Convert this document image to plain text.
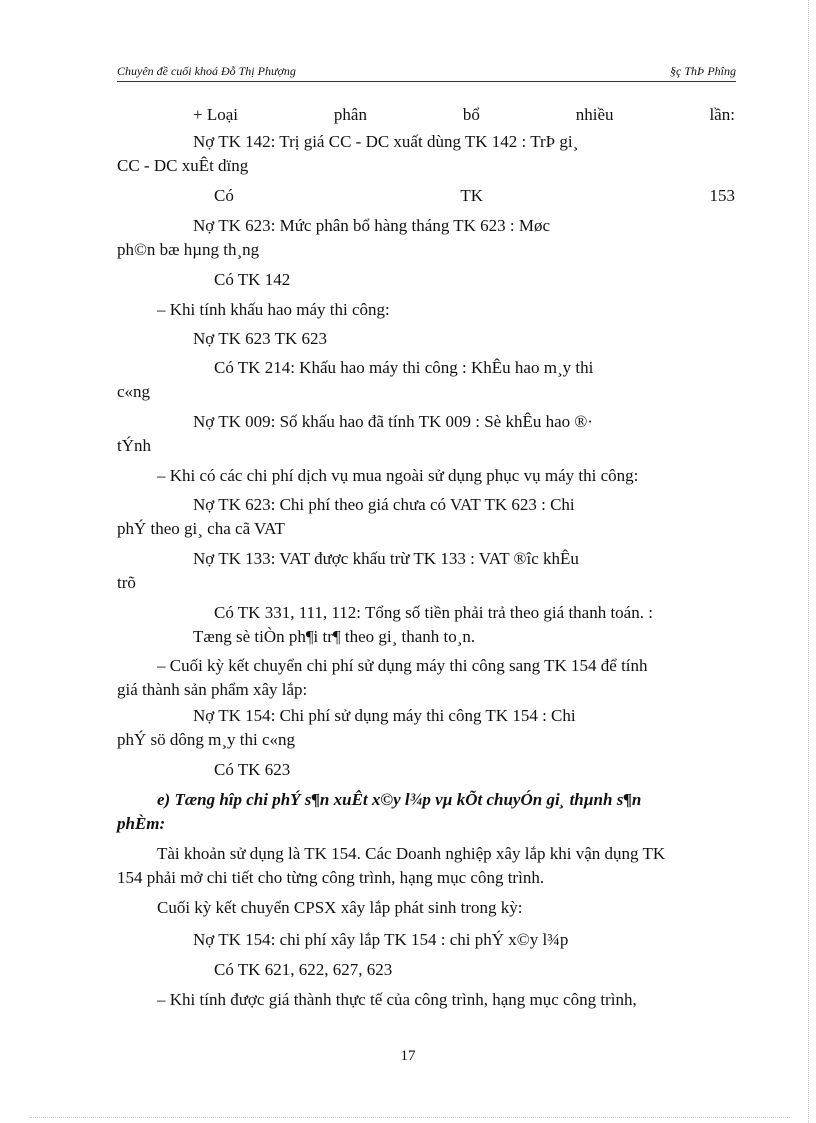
Chuyên đề cuối khoá Đỗ Thị Phượng	§ç ThÞ Phîng
+ Loại	phân	bổ	nhiều	lần:
Nợ TK 142: Trị giá CC - DC xuất dùng TK 142 : TrÞ gi¸
CC - DC xuÊt dïng
Có	TK	153
Nợ TK 623: Mức phân bổ hàng tháng TK 623 : Møc
ph©n bæ hµng th¸ng
Có TK 142
– Khi tính khấu hao máy thi công:
Nợ TK 623 TK 623
Có TK 214: Khấu hao máy thi công : KhÊu hao m¸y thi
c«ng
Nợ TK 009: Số khấu hao đã tính TK 009 : Sè khÊu hao ®·
tÝnh
– Khi có các chi phí dịch vụ mua ngoài sử dụng phục vụ máy thi công:
Nợ TK 623: Chi phí theo giá chưa có VAT TK 623 : Chi
phÝ theo gi¸ cha cã VAT
Nợ TK 133: VAT được khấu trừ TK 133 : VAT ®îc khÊu
trõ
Có TK 331, 111, 112: Tổng số tiền phải trả theo giá thanh toán. :
Tæng sè tiÒn ph¶i tr¶ theo gi¸ thanh to¸n.
– Cuối kỳ kết chuyển chi phí sử dụng máy thi công sang TK 154 để tính
giá thành sản phẩm xây lắp:
Nợ TK 154: Chi phí sử dụng máy thi công TK 154 : Chi
phÝ sö dông m¸y thi c«ng
Có TK 623
e) Tæng hîp chi phÝ s¶n xuÊt x©y l¾p vµ kÕt chuyÓn gi¸ thµnh s¶n
phÈm:
Tài khoản sử dụng là TK 154. Các Doanh nghiệp xây lắp khi vận dụng TK
154 phải mở chi tiết cho từng công trình, hạng mục công trình.
Cuối kỳ kết chuyển CPSX xây lắp phát sinh trong kỳ:
Nợ TK 154: chi phí xây lắp TK 154 : chi phÝ x©y l¾p
Có TK 621, 622, 627, 623
– Khi tính được giá thành thực tế của công trình, hạng mục công trình,
17
